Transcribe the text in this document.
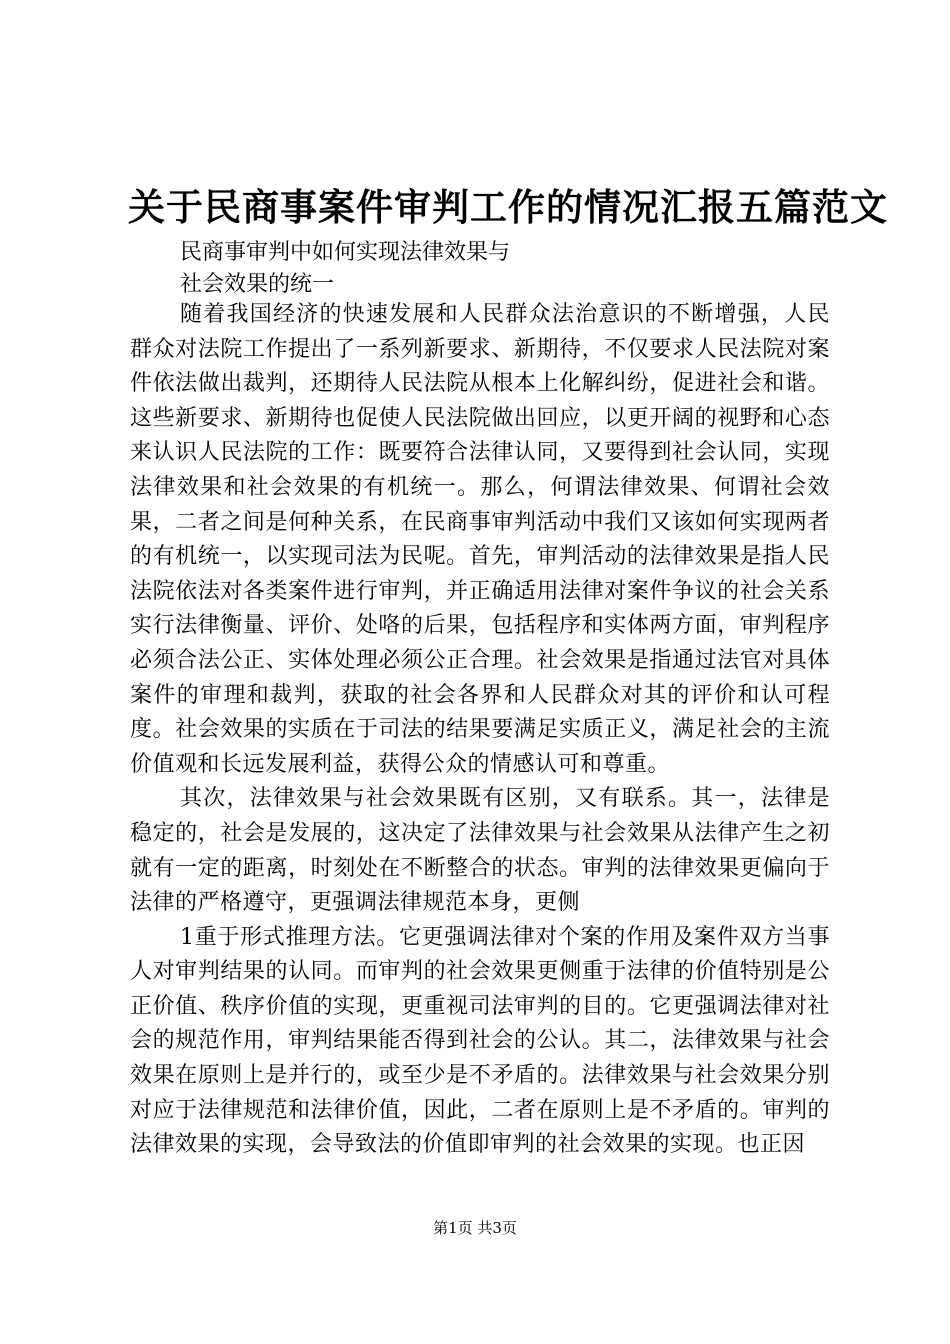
关于民商事案件审判工作的情况汇报五篇范文
民商事审判中如何实现法律效果与
社会效果的统一

随着我国经济的快速发展和人民群众法治意识的不断增强，人民群众对法院工作提出了一系列新要求、新期待，不仅要求人民法院对案件依法做出裁判，还期待人民法院从根本上化解纠纷，促进社会和谐。这些新要求、新期待也促使人民法院做出回应，以更开阔的视野和心态来认识人民法院的工作：既要符合法律认同，又要得到社会认同，实现法律效果和社会效果的有机统一。那么，何谓法律效果、何谓社会效果，二者之间是何种关系，在民商事审判活动中我们又该如何实现两者的有机统一，以实现司法为民呢。首先，审判活动的法律效果是指人民法院依法对各类案件进行审判，并正确适用法律对案件争议的社会关系实行法律衡量、评价、处咯的后果，包括程序和实体两方面，审判程序必须合法公正、实体处理必须公正合理。社会效果是指通过法官对具体案件的审理和裁判，获取的社会各界和人民群众对其的评价和认可程度。社会效果的实质在于司法的结果要满足实质正义，满足社会的主流价值观和长远发展利益，获得公众的情感认可和尊重。

其次，法律效果与社会效果既有区别，又有联系。其一，法律是稳定的，社会是发展的，这决定了法律效果与社会效果从法律产生之初就有一定的距离，时刻处在不断整合的状态。审判的法律效果更偏向于法律的严格遵守，更强调法律规范本身，更侧

1重于形式推理方法。它更强调法律对个案的作用及案件双方当事人对审判结果的认同。而审判的社会效果更侧重于法律的价值特别是公正价值、秩序价值的实现，更重视司法审判的目的。它更强调法律对社会的规范作用，审判结果能否得到社会的公认。其二，法律效果与社会效果在原则上是并行的，或至少是不矛盾的。法律效果与社会效果分别对应于法律规范和法律价值，因此，二者在原则上是不矛盾的。审判的法律效果的实现，会导致法的价值即审判的社会效果的实现。也正因

第1页 共3页
